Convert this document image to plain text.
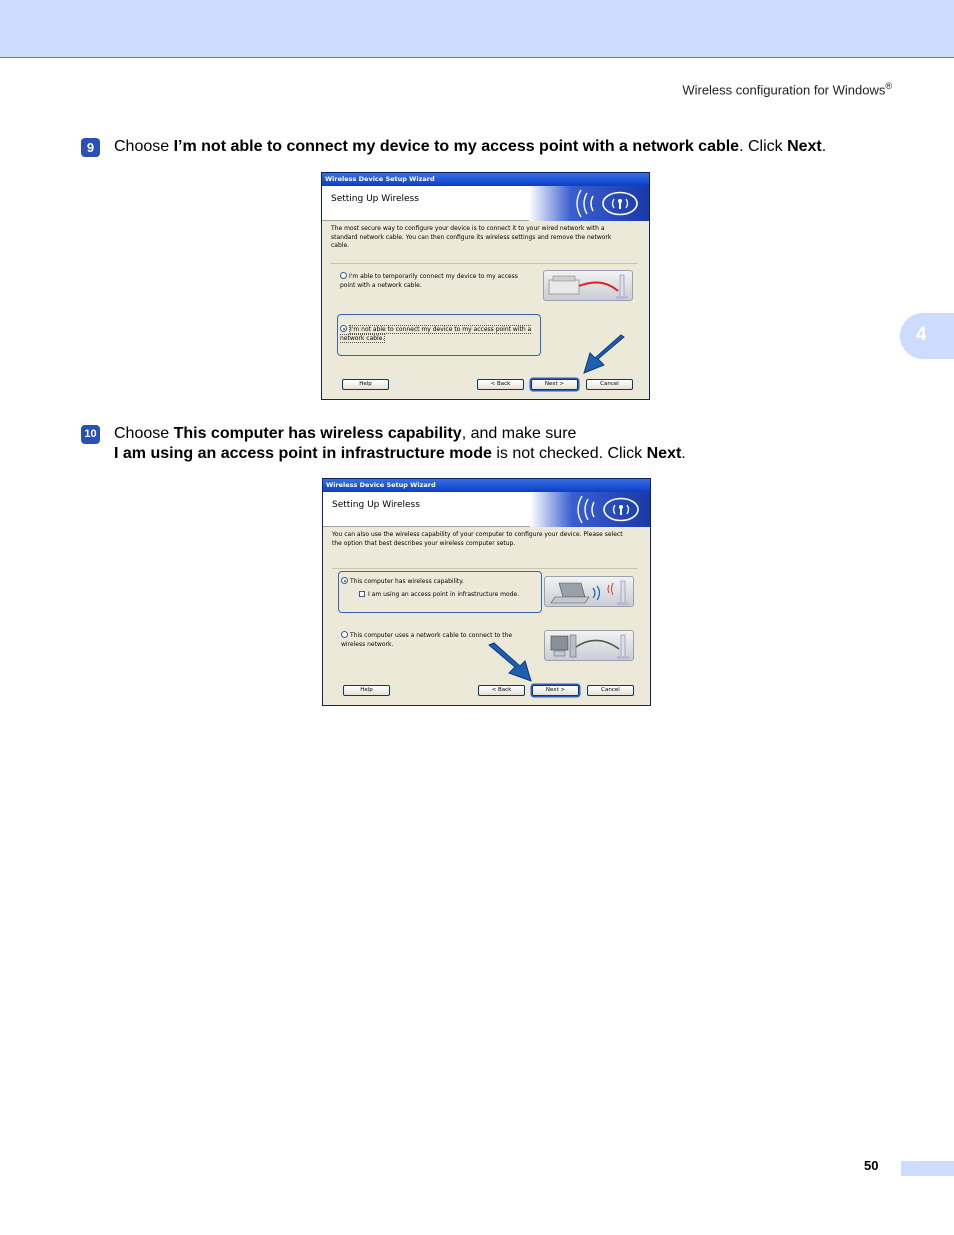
Wireless configuration for Windows®
4
9	Choose I’m not able to connect my device to my access point with a network cable. Click Next.
Wireless Device Setup Wizard
Setting Up Wireless
The most secure way to configure your device is to connect it to your wired network with a standard network cable. You can then configure its wireless settings and remove the network cable.
I'm able to temporarily connect my device to my access point with a network cable.
I'm not able to connect my device to my access point with a network cable.
Help	< Back	Next >	Cancel
10 Choose This computer has wireless capability, and make sure
I am using an access point in infrastructure mode is not checked. Click Next.
Wireless Device Setup Wizard
Setting Up Wireless
You can also use the wireless capability of your computer to configure your device. Please select the option that best describes your wireless computer setup.
This computer has wireless capability.
I am using an access point in infrastructure mode.
This computer uses a network cable to connect to the wireless network.
Help	< Back	Next >	Cancel
50
